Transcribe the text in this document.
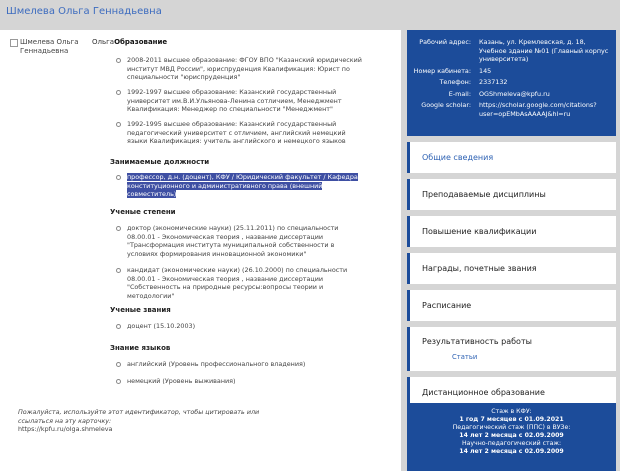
Шмелева Ольга Геннадьевна
Шмелева Ольга Геннадьевна
ОльгаОбразование
2008-2011 высшее образование: ФГОУ ВПО "Казанский юридический институт МВД России", юриспруденция Квалификация: Юрист по специальности "юриспруденция"
1992-1997 высшее образование: Казанский государственный университет им.В.И.Ульянова-Ленина сотличием, Менеджмент Квалификация: Менеджер по специальности "Менеджмент"
1992-1995 высшее образование: Казанский государственный педагогический университет с отличием, английский немецкий языки Квалификация: учитель английского и немецкого языков
Занимаемые должности
профессор, д.н. (доцент), КФУ / Юридический факультет / Кафедра конституционного и административного права (внешний совместитель)
Ученые степени
доктор (экономические науки) (25.11.2011) по специальности 08.00.01 - Экономическая теория , название диссертации "Трансформация института муниципальной собственности в условиях формирования инновационной экономики"
кандидат (экономические науки) (26.10.2000) по специальности 08.00.01 - Экономическая теория , название диссертации "Собственность на природные ресурсы:вопросы теории и методологии"
Ученые звания
доцент (15.10.2003)
Знание языков
английский (Уровень профессионального владения)
немецкий (Уровень выживания)
Пожалуйста, используйте этот идентификатор, чтобы цитировать или ссылаться на эту карточку:
https://kpfu.ru/olga.shmeleva
Рабочий адрес:	Казань, ул. Кремлевская, д. 18, Учебное здание №01 (Главный корпус университета)
Номер кабинета:	145
Телефон:	2337132
E-mail:	OGShmeleva@kpfu.ru
Google scholar:	https://scholar.google.com/citations?user=opEMbAsAAAAJ&hl=ru
Общие сведения
Преподаваемые дисциплины
Повышение квалификации
Награды, почетные звания
Расписание
Результативность работы
Статьи
Дистанционное образование
Стаж в КФУ:
1 год 7 месяцев с 01.09.2021
Педагогический стаж (ППС) в ВУЗе:
14 лет 2 месяца с 02.09.2009
Научно-педагогический стаж:
14 лет 2 месяца с 02.09.2009
